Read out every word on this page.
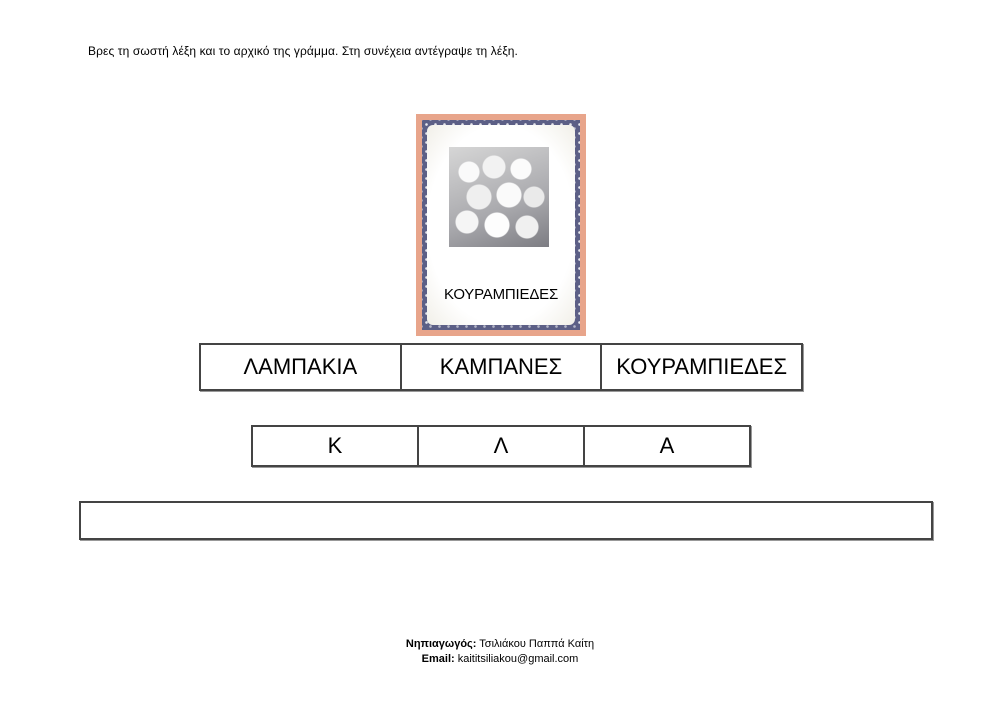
Βρες τη σωστή λέξη και το αρχικό της γράμμα. Στη συνέχεια αντέγραψε τη λέξη.
ΚΟΥΡΑΜΠΙΕΔΕΣ
ΛΑΜΠΑΚΙΑ	ΚΑΜΠΑΝΕΣ	ΚΟΥΡΑΜΠΙΕΔΕΣ
Κ	Λ	Α
Νηπιαγωγός: Τσιλιάκου Παππά Καίτη
Email: kaititsiliakou@gmail.com
